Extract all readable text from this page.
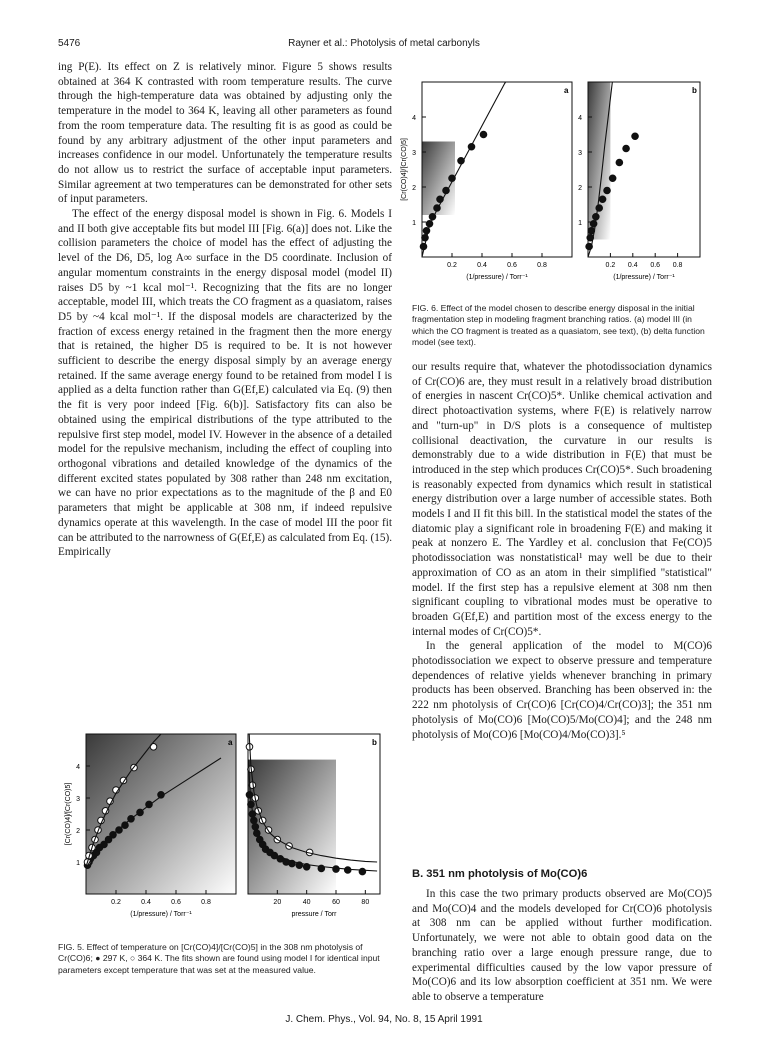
5476	Rayner et al.: Photolysis of metal carbonyls

ing P(E). Its effect on Z is relatively minor. Figure 5 shows results obtained at 364 K contrasted with room temperature results. The curve through the high-temperature data was obtained by adjusting only the temperature in the model to 364 K, leaving all other parameters as found from the room temperature data. The resulting fit is as good as could be found by any arbitrary adjustment of the other input parameters and increases confidence in our model. Unfortunately the temperature results do not allow us to restrict the surface of acceptable input parameters. Similar agreement at two temperatures can be demonstrated for other sets of input parameters.

The effect of the energy disposal model is shown in Fig. 6. Models I and II both give acceptable fits but model III [Fig. 6(a)] does not. Like the collision parameters the choice of model has the effect of adjusting the level of the D6, D5, log A∞ surface in the D5 coordinate. Inclusion of angular momentum constraints in the energy disposal model (model II) raises D5 by ~1 kcal mol⁻¹. Recognizing that the fits are no longer acceptable, model III, which treats the CO fragment as a quasiatom, raises D5 by ~4 kcal mol⁻¹. If the disposal models are characterized by the fraction of excess energy retained in the fragment then the more energy that is retained, the higher D5 is required to be. It is not however sufficient to describe the energy disposal simply by an average energy retained. If the same average energy found to be retained from model I is applied as a delta function rather than G(Ef,E) calculated via Eq. (9) then the fit is very poor indeed [Fig. 6(b)]. Satisfactory fits can also be obtained using the empirical distributions of the type attributed to the repulsive first step model, model IV. However in the absence of a detailed model for the repulsive mechanism, including the effect of coupling into orthogonal vibrations and detailed knowledge of the dynamics of the different excited states populated by 308 rather than 248 nm excitation, we can have no prior expectations as to the magnitude of the β and E0 parameters that might be applicable at 308 nm, if indeed repulsive dynamics operate at this wavelength. In the case of model III the poor fit can be attributed to the narrowness of G(Ef,E) as calculated from Eq. (15). Empirically

0.2	0.4	0.6	0.8
1
2
3
4
(1/pressure) / Torr⁻¹
[Cr(CO)4]/[Cr(CO)5]
a
0.2 0.4 0.6 0.8
1
2
3
4
(1/pressure) / Torr⁻¹
b
FIG. 6. Effect of the model chosen to describe energy disposal in the initial fragmentation step in modeling fragment branching ratios. (a) model III (in which the CO fragment is treated as a quasiatom, see text), (b) delta function model (see text).

our results require that, whatever the photodissociation dynamics of Cr(CO)6 are, they must result in a relatively broad distribution of energies in nascent Cr(CO)5*. Unlike chemical activation and direct photoactivation systems, where F(E) is relatively narrow and "turn-up" in D/S plots is a consequence of multistep collisional deactivation, the curvature in our results is demonstrably due to a wide distribution in F(E) that must be introduced in the step which produces Cr(CO)5*. Such broadening is reasonably expected from dynamics which result in statistical energy distribution over a large number of accessible states. Both models I and II fit this bill. In the statistical model the states of the diatomic play a significant role in broadening F(E) and making it peak at nonzero E. The Yardley et al. conclusion that Fe(CO)5 photodissociation was nonstatistical¹ may well be due to their approximation of CO as an atom in their simplified "statistical" model. If the first step has a repulsive element at 308 nm then significant coupling to vibrational modes must be operative to broaden G(Ef,E) and partition most of the excess energy to the internal modes of Cr(CO)5*.

In the general application of the model to M(CO)6 photodissociation we expect to observe pressure and temperature dependences of relative yields whenever branching in primary products has been observed. Branching has been observed in: the 222 nm photolysis of Cr(CO)6 [Cr(CO)4/Cr(CO)3]; the 351 nm photolysis of Mo(CO)6 [Mo(CO)5/Mo(CO)4]; and the 248 nm photolysis of Mo(CO)6 [Mo(CO)4/Mo(CO)3].⁵

B. 351 nm photolysis of Mo(CO)6

In this case the two primary products observed are Mo(CO)5 and Mo(CO)4 and the models developed for Cr(CO)6 photolysis at 308 nm can be applied without further modification. Unfortunately, we were not able to obtain good data on the branching ratio over a large enough pressure range, due to experimental difficulties caused by the low vapor pressure of Mo(CO)6 and its low absorption coefficient at 351 nm. We were able to observe a temperature

0.2	0.4	0.6	0.8
1
2
3
4
(1/pressure) / Torr⁻¹
[Cr(CO)4]/[Cr(CO)5]
a
20	40	60	80
pressure / Torr
b
FIG. 5. Effect of temperature on [Cr(CO)4]/[Cr(CO)5] in the 308 nm photolysis of Cr(CO)6; ● 297 K, ○ 364 K. The fits shown are found using model I for identical input parameters except temperature that was set at the measured value.
J. Chem. Phys., Vol. 94, No. 8, 15 April 1991
